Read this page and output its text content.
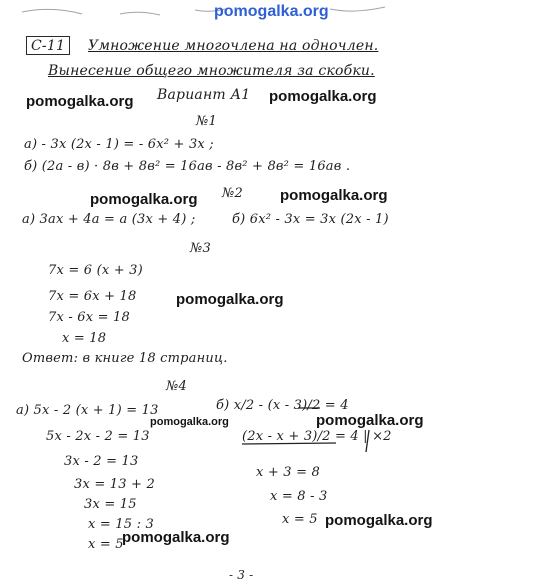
pomogalka.org
С-11	Умножение многочлена на одночлен.
Вынесение общего множителя за скобки.
pomogalka.org Вариант А1 pomogalka.org
№1
а) - 3x (2x - 1) = - 6x² + 3x ;
б) (2а - в) · 8в + 8в² = 16ав - 8в² + 8в² = 16ав .
pomogalka.org №2 pomogalka.org
а) 3ах + 4а = а (3х + 4) ;	б) 6х² - 3х = 3х (2х - 1)
№3
7х = 6 (х + 3)
7х = 6х + 18	pomogalka.org
7х - 6х = 18
х = 18
Ответ: в книге 18 страниц.
№4
а) 5х - 2 (х + 1) = 13	б) х/2 - (х - 3)/2 = 4
pomogalka.org
pomogalka.org
5х - 2х - 2 = 13	(2х - х + 3)/2 = 4 | ×2
3х - 2 = 13
х + 3 = 8
3х = 13 + 2
х = 8 - 3
3х = 15
х = 5 pomogalka.org
х = 15 : 3
pomogalka.org
х = 5
- 3 -
